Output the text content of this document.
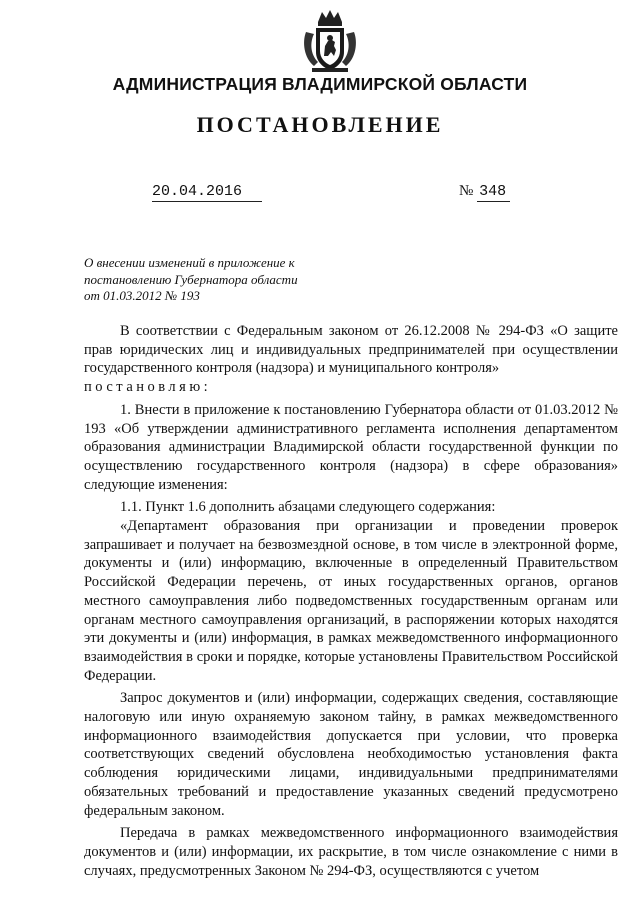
АДМИНИСТРАЦИЯ ВЛАДИМИРСКОЙ ОБЛАСТИ
ПОСТАНОВЛЕНИЕ
20.04.2016	№ 348
О внесении изменений в приложение к
постановлению Губернатора области
от 01.03.2012 № 193

В соответствии с Федеральным законом от 26.12.2008 № 294-ФЗ «О защите прав юридических лиц и индивидуальных предпринимателей при осуществлении государственного контроля (надзора) и муниципального контроля»

постановляю:

1. Внести в приложение к постановлению Губернатора области от 01.03.2012 № 193 «Об утверждении административного регламента исполнения департаментом образования администрации Владимирской области государственной функции по осуществлению государственного контроля (надзора) в сфере образования» следующие изменения:

1.1. Пункт 1.6 дополнить абзацами следующего содержания:

«Департамент образования при организации и проведении проверок запрашивает и получает на безвозмездной основе, в том числе в электронной форме, документы и (или) информацию, включенные в определенный Правительством Российской Федерации перечень, от иных государственных органов, органов местного самоуправления либо подведомственных государственным органам или органам местного самоуправления организаций, в распоряжении которых находятся эти документы и (или) информация, в рамках межведомственного информационного взаимодействия в сроки и порядке, которые установлены Правительством Российской Федерации.

Запрос документов и (или) информации, содержащих сведения, составляющие налоговую или иную охраняемую законом тайну, в рамках межведомственного информационного взаимодействия допускается при условии, что проверка соответствующих сведений обусловлена необходимостью установления факта соблюдения юридическими лицами, индивидуальными предпринимателями обязательных требований и предоставление указанных сведений предусмотрено федеральным законом.

Передача в рамках межведомственного информационного взаимодействия документов и (или) информации, их раскрытие, в том числе ознакомление с ними в случаях, предусмотренных Законом № 294-ФЗ, осуществляются с учетом
